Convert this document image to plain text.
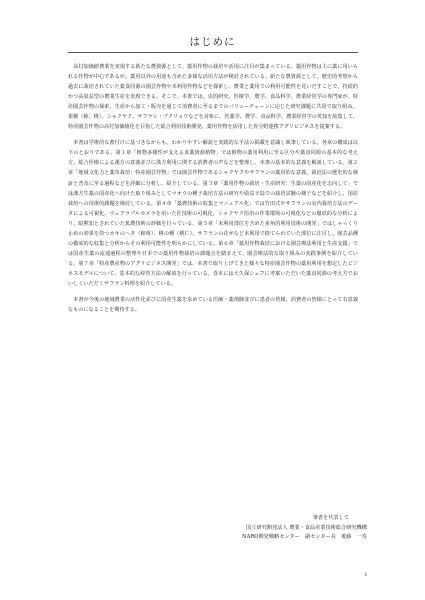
はじめに

高付加価値農業を実現する新たな農資源として、薬用作物の栽培や活用に注目が集まっている。薬用作物は主に薬に用いられる作物が中心であるが、薬用以外の用途も含めた多様な活用方法が検討されている。新たな農資源として、歴史的考察から過去に栽培されていた薬食同源の園芸作物や未利用作物などを探索し、農業と薬用での利用可能性を見いだすことで、持続的かつ高収益型の農業生産を実現できる。そこで、本書では、虫的研究、医療学、農学、食品科学、農業経営学の専門家が、特産園芸作物の探索、生産から加工・販売を通じて消費者に至るまでのバリューチェーンに応じた研究課題に共同で取り組み、果樹（柿、桃）、シャクヤク、サフラン・ブクリョウなどを対象に、医薬学、農学、食品科学、農業経営学の英知を結集して、特産園芸作物の高付加価値化を目指した総合利用技術開発、薬用作物を活用した異分野連携アグリビジネスを提案する。

本書は学術的な蓄付けに基づきながらも、わかりやすい解説と実践的な手法の掲載を意識し執筆している。各章の構成は以下のとおりである。第１章「植物多様性が支える食薬資源植物」では植物の薬用利用に至る区分や薬食同源の基本的な考え方、総合医療による漢方の意義並びに漢方利用に関する消費者の声などを整理し、本書の基本的な意義を解説している。第２章「地域文化力と薬草栽培：特産園芸作物」では園芸作物であるシャクヤクやサフランの薬用的な意義、栽培法の歴史的な検証と普及に至る過程などを詳細に分析し、紹介している。第３章「薬用作物の栽培・生産研究：生薬の国産化を志向して」では漢方生薬の国産化へ向けた取り組みとしてマオウの種子栽培方法の研究や励益辛島での栽培試験の様子などを紹介し、国産栽培への技術的課題を検討している。第４章「薬農技術の収集とマニュアル化」では竹田式やサフランの室内栽培方法のデータによる可視化、ウェアラブルカメラを用いた匠技術の可視化、シャクヤク俗治の作業環境の可視化などの徹底的な分析により、暗黙知とされていた篤農技術の評価を行っている。第５章「未利用部位を含めた多角的利用技術の開発」ではしゃっくり止めの効果を持つカキのヘタ（柿蒂）、桃の種（桃仁）、サフランの花弁など未利用で捨てられていた部位に注目し、園芸品種の徹底的な収集と分析からその利用可能性を明らかにしている。第６章「薬用作物栽培における園芸療法利用と生産支援」では国産生薬の流通過程の整理や日本での薬用作物栽培の課題点を踏まえて、園芸療法的な取り組みの実践事例を紹介している。第７章「特産農産物のアグリビジネス開発」では、本書で取り上げてきた様々な特産園芸作物の薬用利用を想定したビジネスモデルについて、基本的な経営方法の解説を行っている。巻末には大久保シェフに考案いただいた薬食同源の考え方でおいしくいただくサフラン料理を紹介している。

本書が今後の地域農業の活性化並びに国産生薬を求めている医師・薬剤師並びに患者の皆様、消費者の皆様にとって有意義なものになることを期待する。

筆者を代表して
国立研究開発法人 農業・食品産業技術総合研究機構
NARO開発戦略センター　副センター長　後藤　一寿
i
